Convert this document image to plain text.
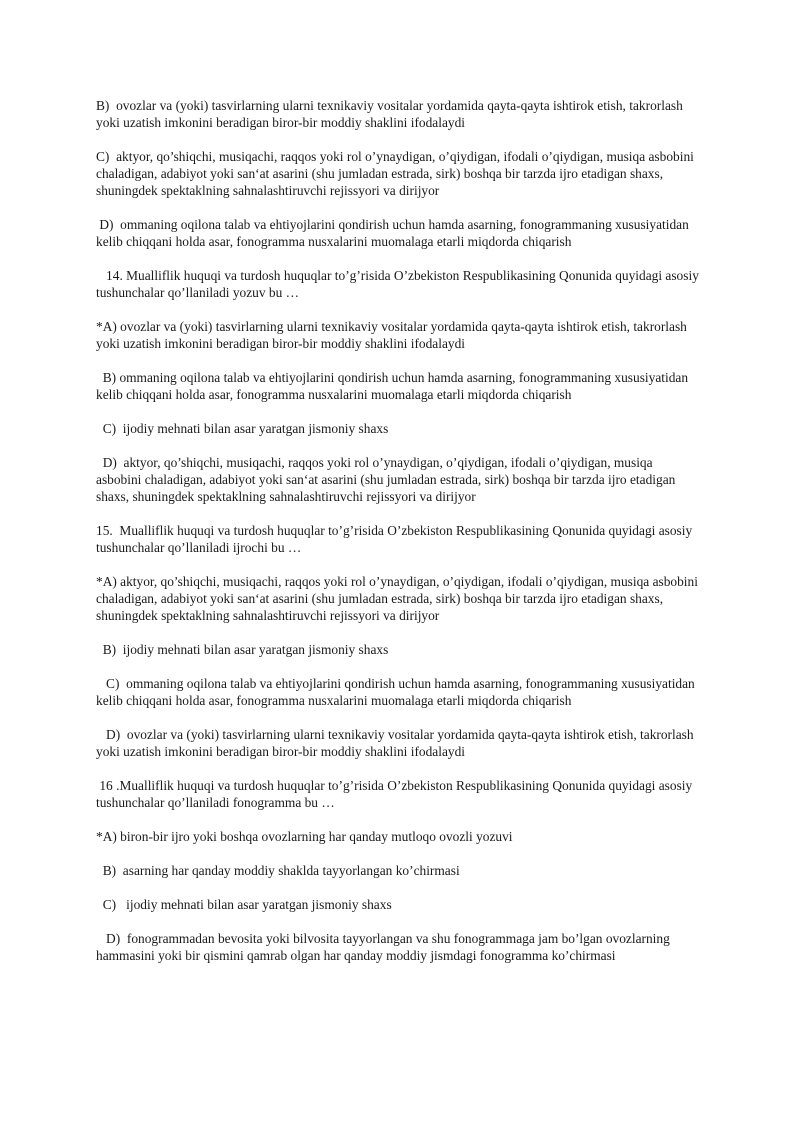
B)  ovozlar va (yoki) tasvirlarning ularni texnikaviy vositalar yordamida qayta-qayta ishtirok etish, takrorlash yoki uzatish imkonini beradigan biror-bir moddiy shaklini ifodalaydi

C)  aktyor, qo’shiqchi, musiqachi, raqqos yoki rol o’ynaydigan, o’qiydigan, ifodali o’qiydigan, musiqa asbobini chaladigan, adabiyot yoki san‘at asarini (shu jumladan estrada, sirk) boshqa bir tarzda ijro etadigan shaxs, shuningdek spektaklning sahnalashtiruvchi rejissyori va dirijyor

D)  ommaning oqilona talab va ehtiyojlarini qondirish uchun hamda asarning, fonogrammaning xususiyatidan kelib chiqqani holda asar, fonogramma nusxalarini muomalaga etarli miqdorda chiqarish

14. Mualliflik huquqi va turdosh huquqlar to’g’risida O’zbekiston Respublikasining Qonunida quyidagi asosiy tushunchalar qo’llaniladi yozuv bu …

*A) ovozlar va (yoki) tasvirlarning ularni texnikaviy vositalar yordamida qayta-qayta ishtirok etish, takrorlash yoki uzatish imkonini beradigan biror-bir moddiy shaklini ifodalaydi

B) ommaning oqilona talab va ehtiyojlarini qondirish uchun hamda asarning, fonogrammaning xususiyatidan kelib chiqqani holda asar, fonogramma nusxalarini muomalaga etarli miqdorda chiqarish

C)  ijodiy mehnati bilan asar yaratgan jismoniy shaxs

D)  aktyor, qo’shiqchi, musiqachi, raqqos yoki rol o’ynaydigan, o’qiydigan, ifodali o’qiydigan, musiqa asbobini chaladigan, adabiyot yoki san‘at asarini (shu jumladan estrada, sirk) boshqa bir tarzda ijro etadigan shaxs, shuningdek spektaklning sahnalashtiruvchi rejissyori va dirijyor

15.  Mualliflik huquqi va turdosh huquqlar to’g’risida O’zbekiston Respublikasining Qonunida quyidagi asosiy tushunchalar qo’llaniladi ijrochi bu …

*A) aktyor, qo’shiqchi, musiqachi, raqqos yoki rol o’ynaydigan, o’qiydigan, ifodali o’qiydigan, musiqa asbobini chaladigan, adabiyot yoki san‘at asarini (shu jumladan estrada, sirk) boshqa bir tarzda ijro etadigan shaxs, shuningdek spektaklning sahnalashtiruvchi rejissyori va dirijyor

B)  ijodiy mehnati bilan asar yaratgan jismoniy shaxs

C)  ommaning oqilona talab va ehtiyojlarini qondirish uchun hamda asarning, fonogrammaning xususiyatidan kelib chiqqani holda asar, fonogramma nusxalarini muomalaga etarli miqdorda chiqarish

D)  ovozlar va (yoki) tasvirlarning ularni texnikaviy vositalar yordamida qayta-qayta ishtirok etish, takrorlash yoki uzatish imkonini beradigan biror-bir moddiy shaklini ifodalaydi

16 .Mualliflik huquqi va turdosh huquqlar to’g’risida O’zbekiston Respublikasining Qonunida quyidagi asosiy tushunchalar qo’llaniladi fonogramma bu …

*A) biron-bir ijro yoki boshqa ovozlarning har qanday mutloqo ovozli yozuvi

B)  asarning har qanday moddiy shaklda tayyorlangan ko’chirmasi

C)   ijodiy mehnati bilan asar yaratgan jismoniy shaxs

D)  fonogrammadan bevosita yoki bilvosita tayyorlangan va shu fonogrammaga jam bo’lgan ovozlarning hammasini yoki bir qismini qamrab olgan har qanday moddiy jismdagi fonogramma ko’chirmasi
